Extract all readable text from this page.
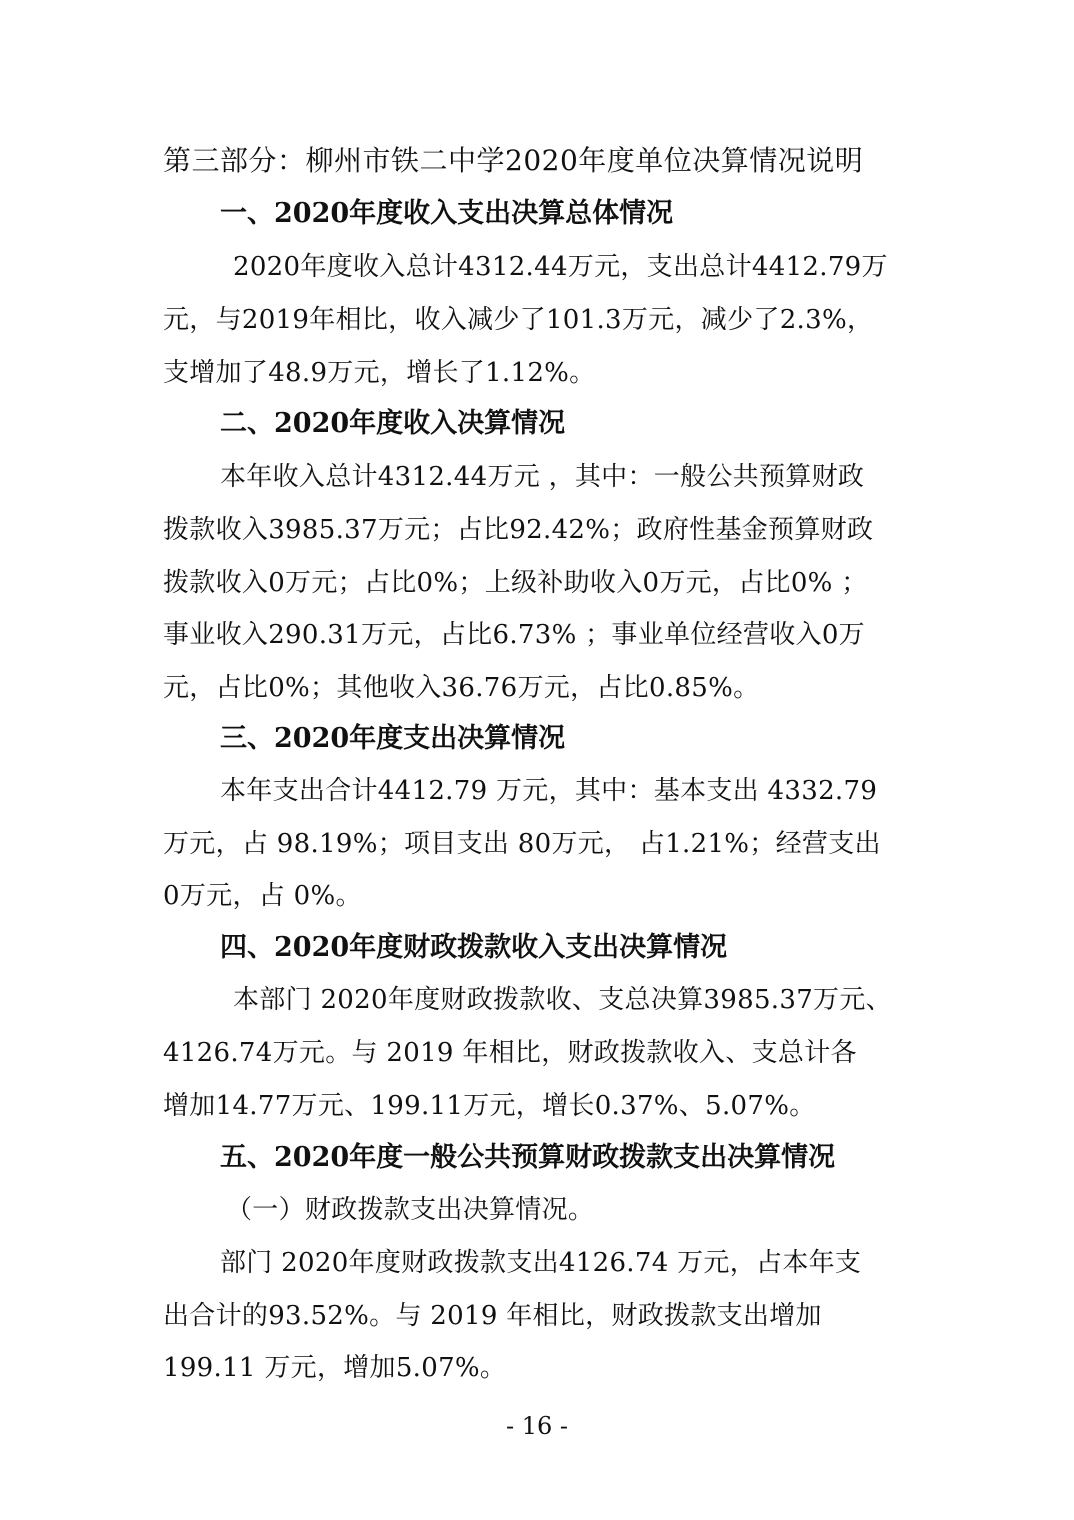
第三部分：柳州市铁二中学2020年度单位决算情况说明
一、2020年度收入支出决算总体情况
2020年度收入总计4312.44万元，支出总计4412.79万
元，与2019年相比，收入减少了101.3万元，减少了2.3%，
支增加了48.9万元，增长了1.12%。
二、2020年度收入决算情况
本年收入总计4312.44万元 ，其中：一般公共预算财政
拨款收入3985.37万元；占比92.42%；政府性基金预算财政
拨款收入0万元；占比0%；上级补助收入0万元，占比0% ；
事业收入290.31万元，占比6.73% ；事业单位经营收入0万
元，占比0%；其他收入36.76万元，占比0.85%。
三、2020年度支出决算情况
本年支出合计4412.79 万元，其中：基本支出 4332.79
万元，占 98.19%；项目支出 80万元， 占1.21%；经营支出
0万元，占 0%。
四、2020年度财政拨款收入支出决算情况
本部门 2020年度财政拨款收、支总决算3985.37万元、
4126.74万元。与 2019 年相比，财政拨款收入、支总计各
增加14.77万元、199.11万元，增长0.37%、5.07%。
五、2020年度一般公共预算财政拨款支出决算情况
（一）财政拨款支出决算情况。
部门 2020年度财政拨款支出4126.74 万元，占本年支
出合计的93.52%。与 2019 年相比，财政拨款支出增加
199.11 万元，增加5.07%。
- 16 -
